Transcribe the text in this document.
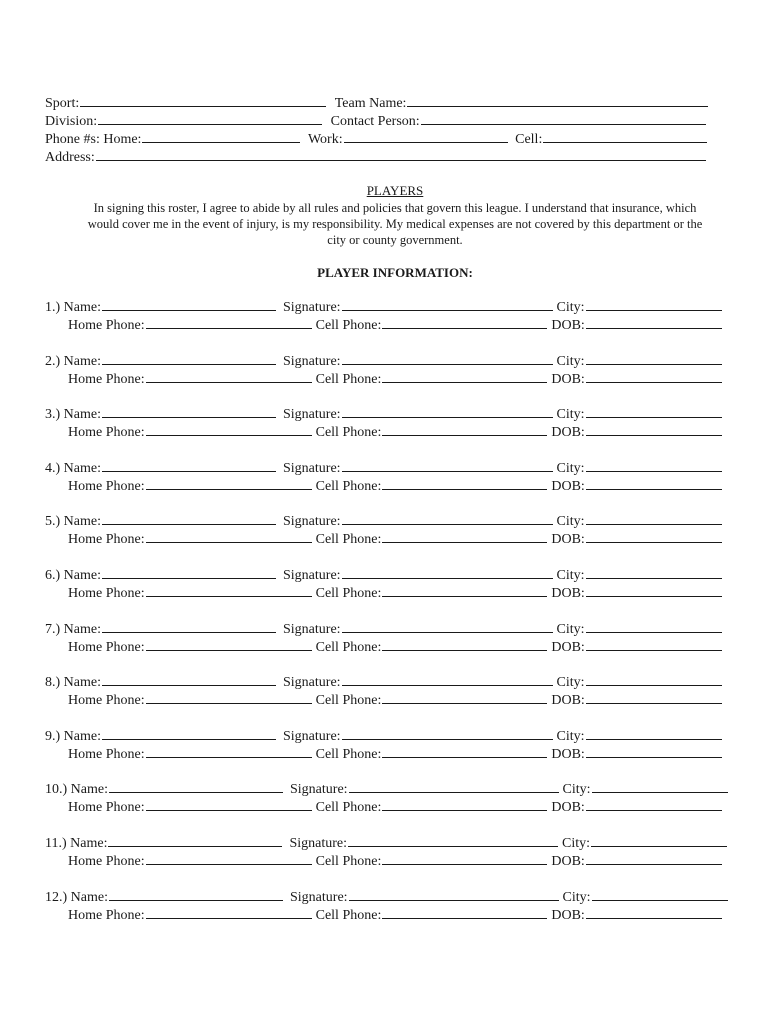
Sport:	Team Name:
Division:	Contact Person:
Phone #s: Home:	Work:	Cell:
Address:
PLAYERS
In signing this roster, I agree to abide by all rules and policies that govern this league. I understand that insurance, which
would cover me in the event of injury, is my responsibility. My medical expenses are not covered by this department or the
city or county government.
PLAYER INFORMATION:
1.) Name:	Signature:	City:
Home Phone:	Cell Phone:	DOB:
2.) Name:	Signature:	City:
Home Phone:	Cell Phone:	DOB:
3.) Name:	Signature:	City:
Home Phone:	Cell Phone:	DOB:
4.) Name:	Signature:	City:
Home Phone:	Cell Phone:	DOB:
5.) Name:	Signature:	City:
Home Phone:	Cell Phone:	DOB:
6.) Name:	Signature:	City:
Home Phone:	Cell Phone:	DOB:
7.) Name:	Signature:	City:
Home Phone:	Cell Phone:	DOB:
8.) Name:	Signature:	City:
Home Phone:	Cell Phone:	DOB:
9.) Name:	Signature:	City:
Home Phone:	Cell Phone:	DOB:
10.) Name:	Signature:	City:
Home Phone:	Cell Phone:	DOB:
11.) Name:	Signature:	City:
Home Phone:	Cell Phone:	DOB:
12.) Name:	Signature:	City:
Home Phone:	Cell Phone:	DOB:
